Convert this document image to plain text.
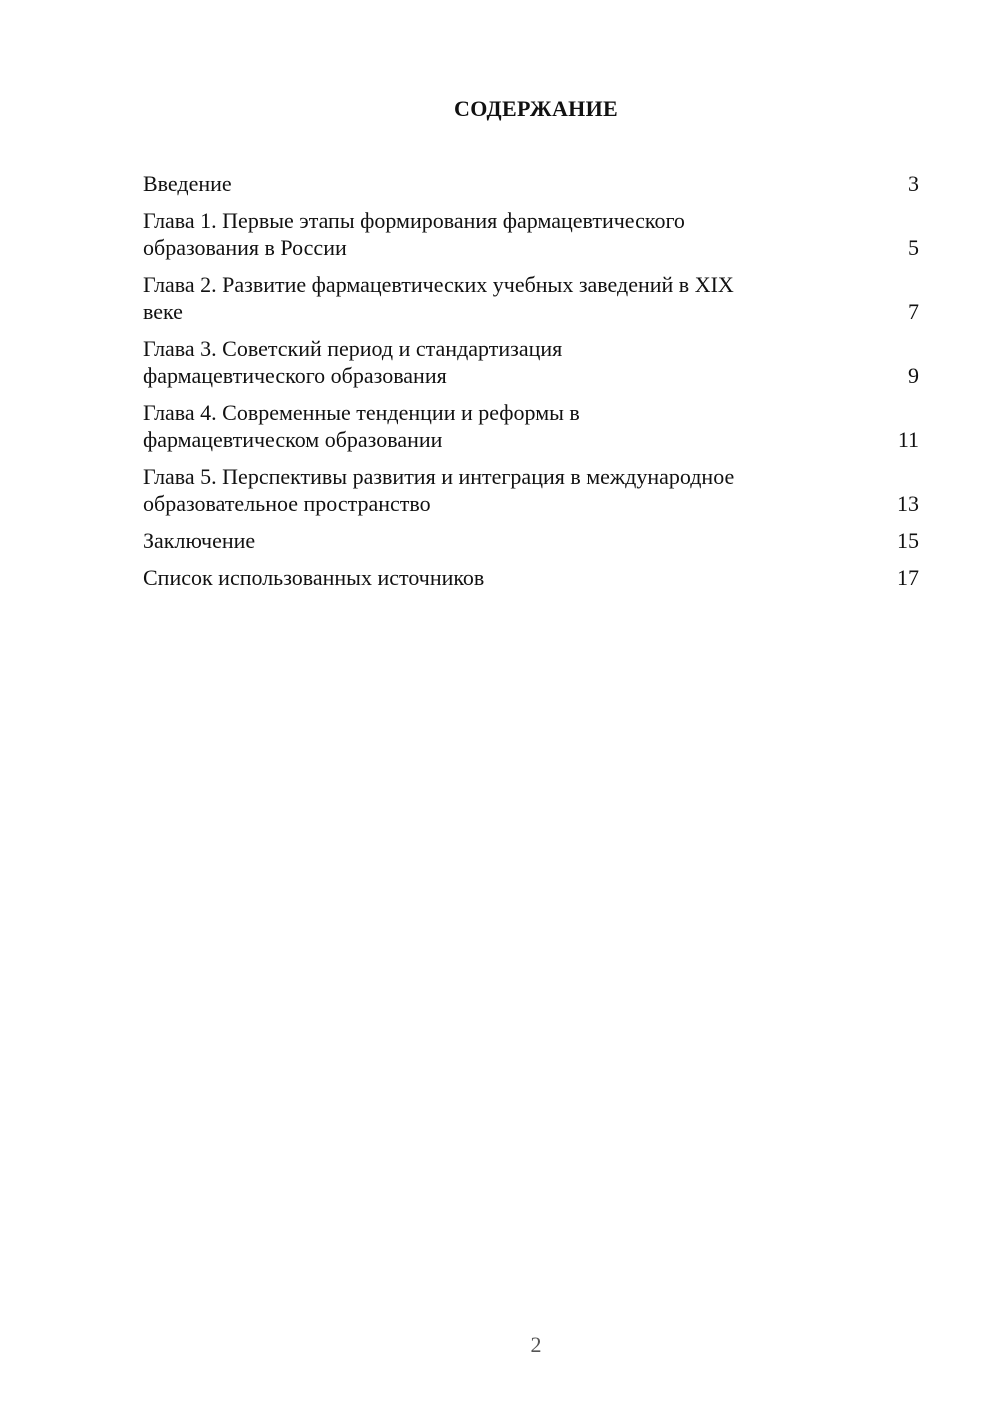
СОДЕРЖАНИЕ
Введение	3
Глава 1. Первые этапы формирования фармацевтического
образования в России	5
Глава 2. Развитие фармацевтических учебных заведений в XIX
веке	7
Глава 3. Советский период и стандартизация
фармацевтического образования	9
Глава 4. Современные тенденции и реформы в
фармацевтическом образовании	11
Глава 5. Перспективы развития и интеграция в международное
образовательное пространство	13
Заключение	15
Список использованных источников	17
2
